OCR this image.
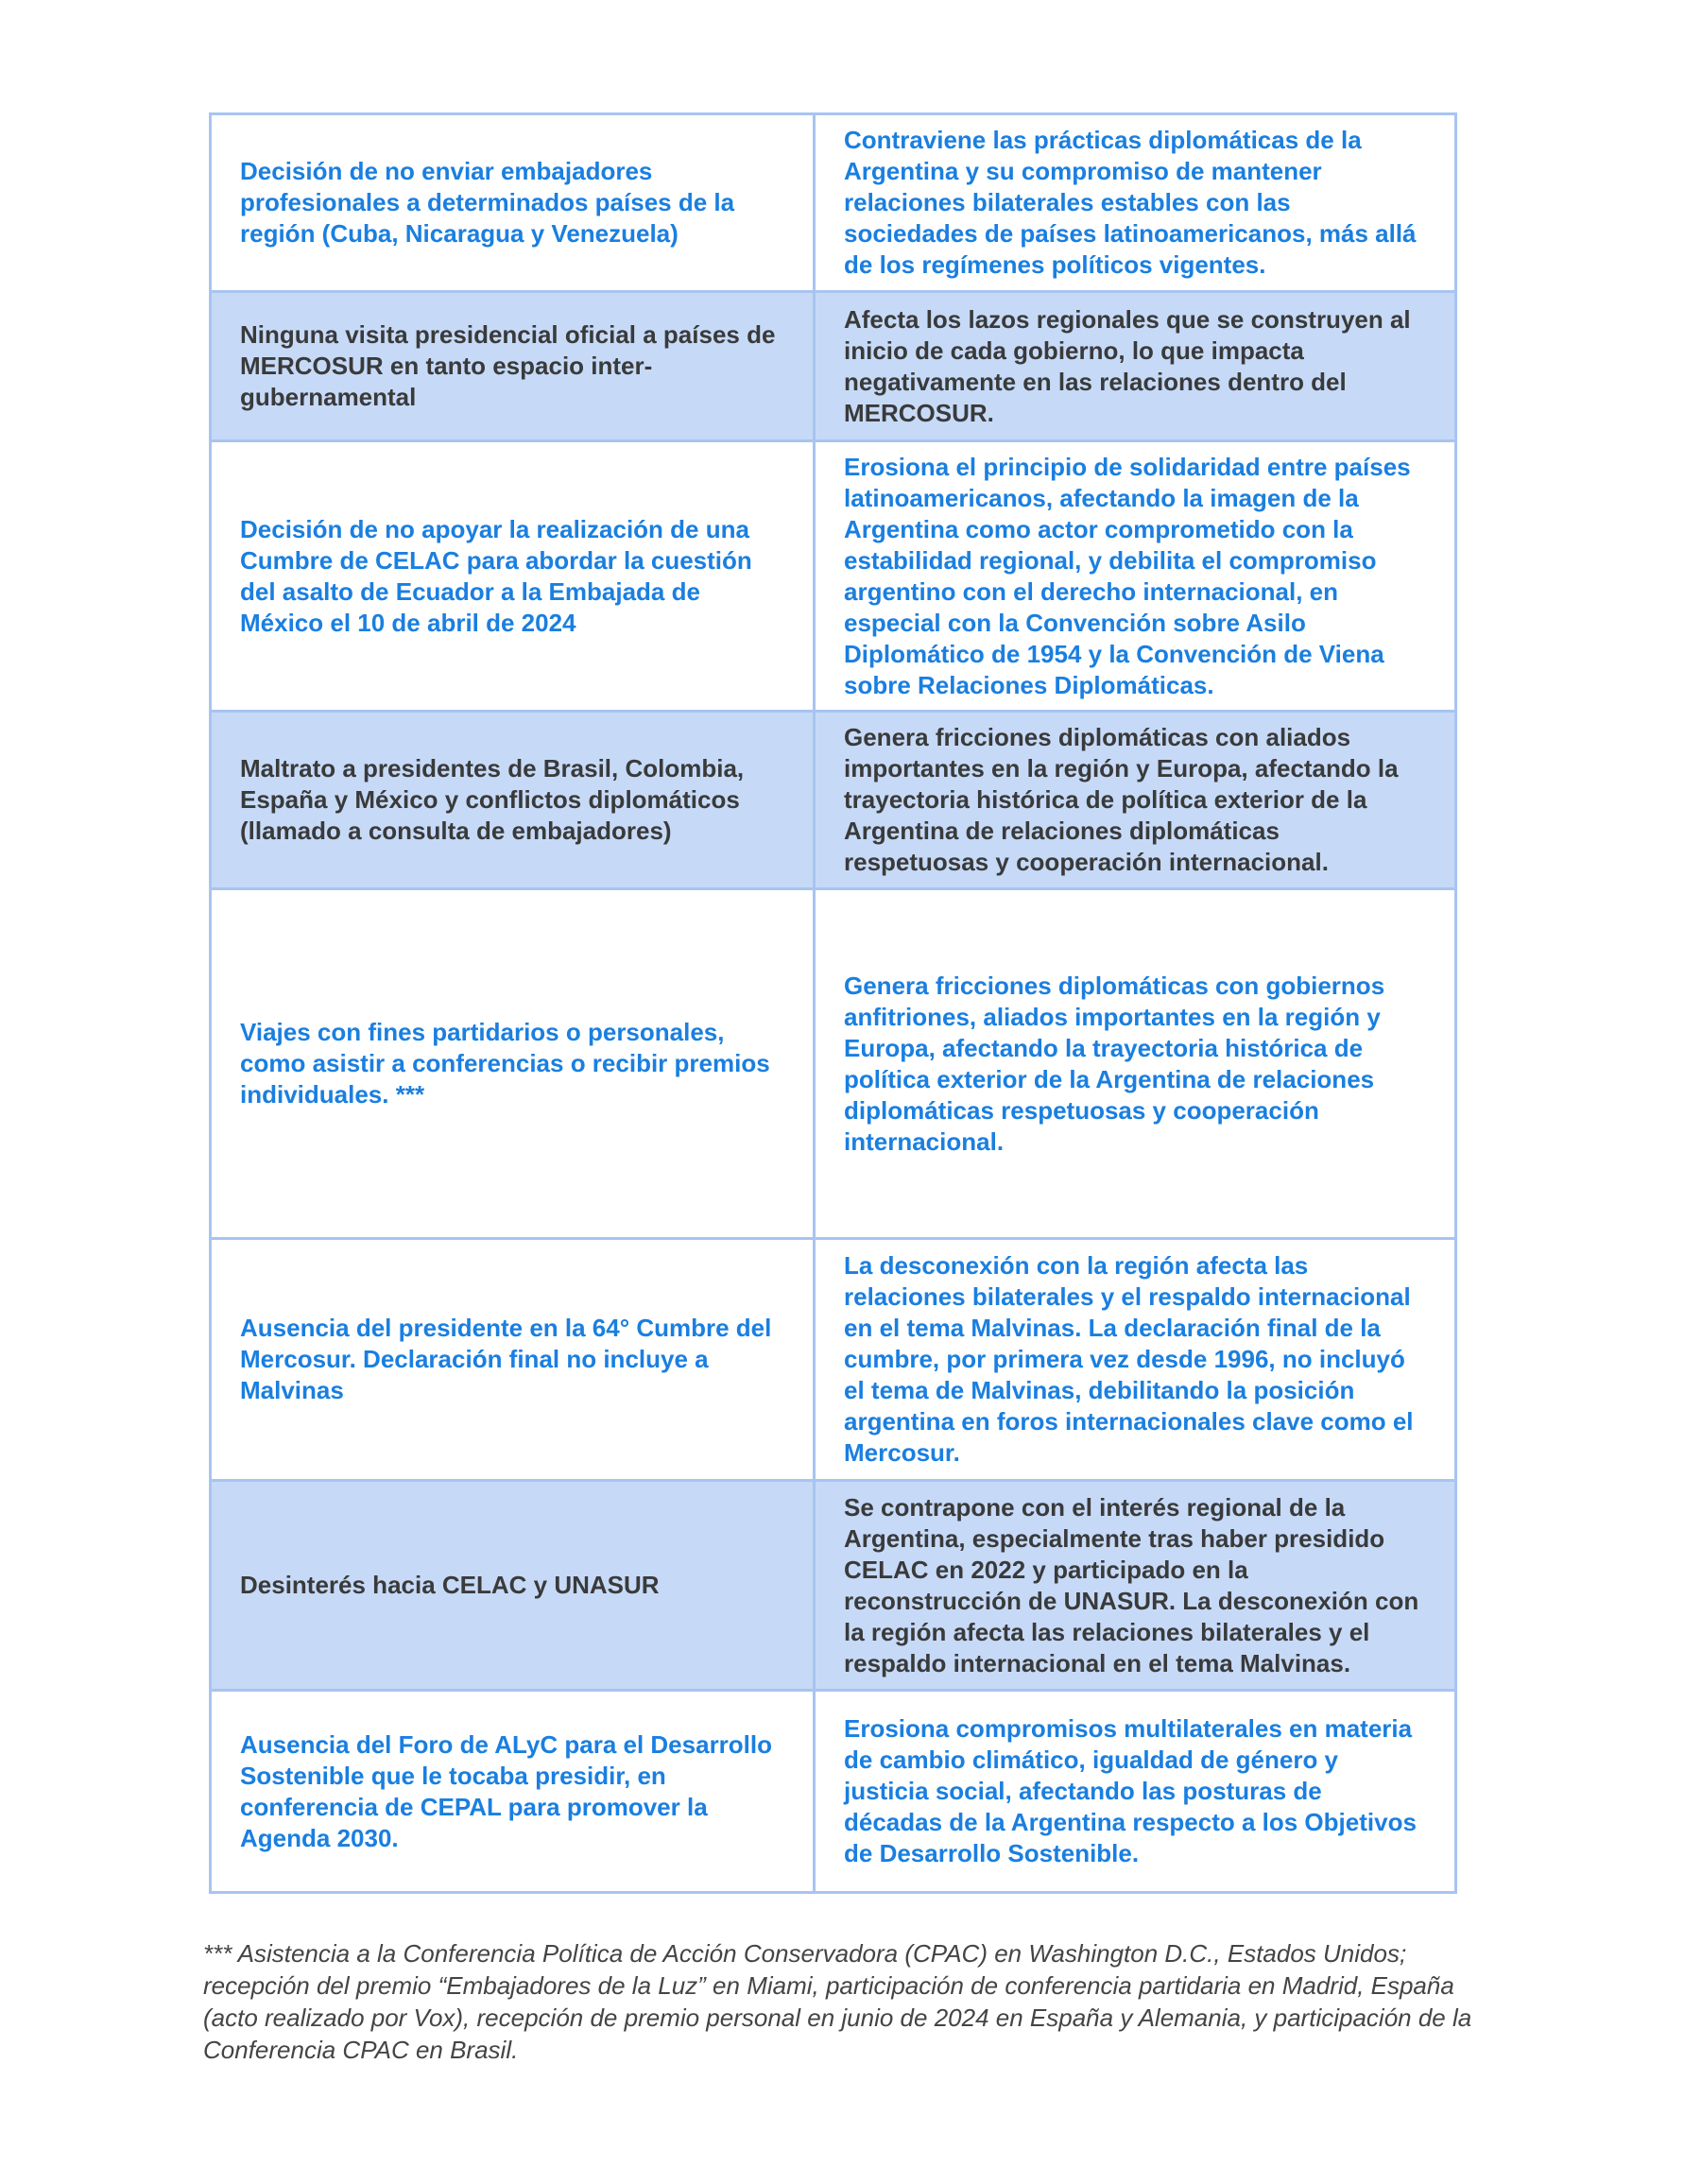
Decisión de no enviar embajadores profesionales a determinados países de la región (Cuba, Nicaragua y Venezuela)	Contraviene las prácticas diplomáticas de la Argentina y su compromiso de mantener relaciones bilaterales estables con las sociedades de países latinoamericanos, más allá de los regímenes políticos vigentes.

Ninguna visita presidencial oficial a países de MERCOSUR en tanto espacio inter-gubernamental	Afecta los lazos regionales que se construyen al inicio de cada gobierno, lo que impacta negativamente en las relaciones dentro del MERCOSUR.

Decisión de no apoyar la realización de una Cumbre de CELAC para abordar la cuestión del asalto de Ecuador a la Embajada de México el 10 de abril de 2024	Erosiona el principio de solidaridad entre países latinoamericanos, afectando la imagen de la Argentina como actor comprometido con la estabilidad regional, y debilita el compromiso argentino con el derecho internacional, en especial con la Convención sobre Asilo Diplomático de 1954 y la Convención de Viena sobre Relaciones Diplomáticas.

Maltrato a presidentes de Brasil, Colombia, España y México y conflictos diplomáticos (llamado a consulta de embajadores)	Genera fricciones diplomáticas con aliados importantes en la región y Europa, afectando la trayectoria histórica de política exterior de la Argentina de relaciones diplomáticas respetuosas y cooperación internacional.

Viajes con fines partidarios o personales, como asistir a conferencias o recibir premios individuales. ***	Genera fricciones diplomáticas con gobiernos anfitriones, aliados importantes en la región y Europa, afectando la trayectoria histórica de política exterior de la Argentina de relaciones diplomáticas respetuosas y cooperación internacional.

Ausencia del presidente en la 64° Cumbre del Mercosur. Declaración final no incluye a Malvinas	La desconexión con la región afecta las relaciones bilaterales y el respaldo internacional en el tema Malvinas. La declaración final de la cumbre, por primera vez desde 1996, no incluyó el tema de Malvinas, debilitando la posición argentina en foros internacionales clave como el Mercosur.

Desinterés hacia CELAC y UNASUR	Se contrapone con el interés regional de la Argentina, especialmente tras haber presidido CELAC en 2022 y participado en la reconstrucción de UNASUR. La desconexión con la región afecta las relaciones bilaterales y el respaldo internacional en el tema Malvinas.

Ausencia del Foro de ALyC para el Desarrollo Sostenible que le tocaba presidir, en conferencia de CEPAL para promover la Agenda 2030.	Erosiona compromisos multilaterales en materia de cambio climático, igualdad de género y justicia social, afectando las posturas de décadas de la Argentina respecto a los Objetivos de Desarrollo Sostenible.
*** Asistencia a la Conferencia Política de Acción Conservadora (CPAC) en Washington D.C., Estados Unidos; recepción del premio “Embajadores de la Luz” en Miami, participación de conferencia partidaria en Madrid, España (acto realizado por Vox), recepción de premio personal en junio de 2024 en España y Alemania, y participación de la Conferencia CPAC en Brasil.
